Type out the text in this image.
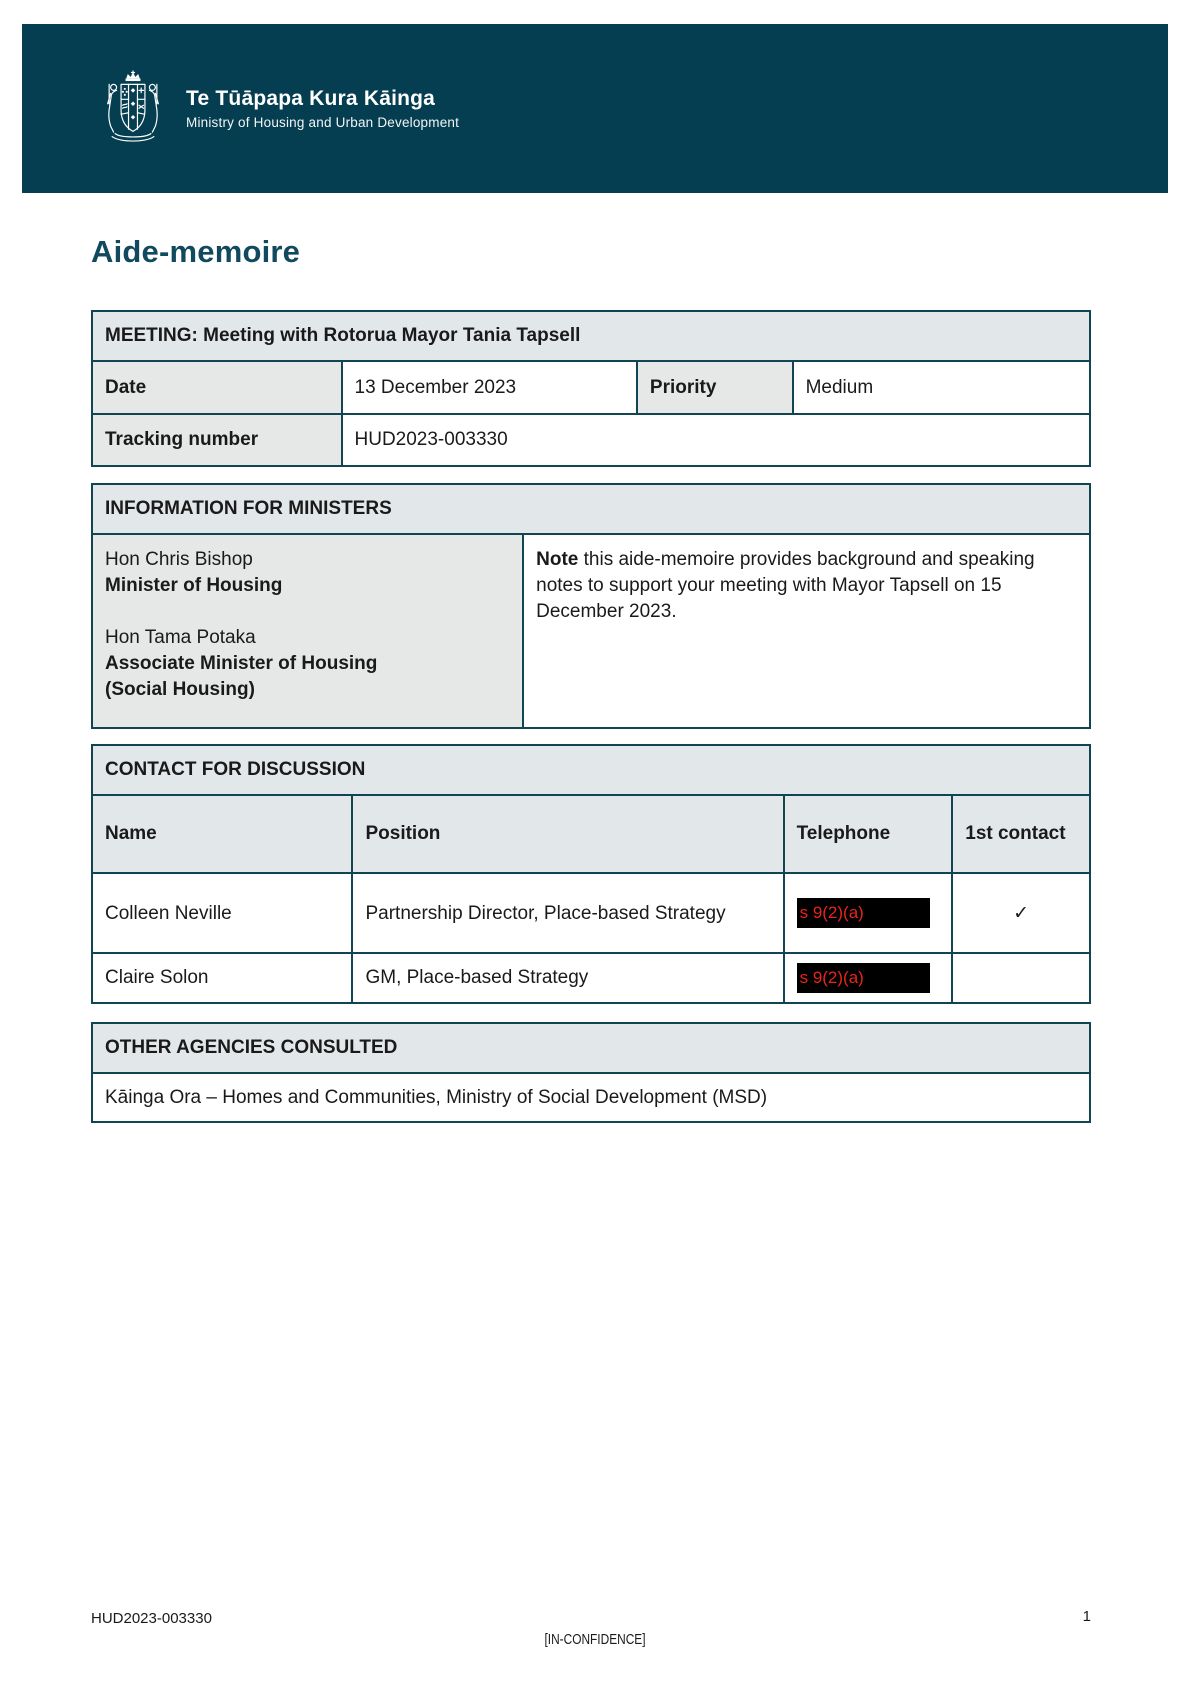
Te Tūāpapa Kura Kāinga
Ministry of Housing and Urban Development
Aide-memoire
MEETING: Meeting with Rotorua Mayor Tania Tapsell			
Date	13 December 2023	Priority	Medium
Tracking number	HUD2023-003330		
INFORMATION FOR MINISTERS

Hon Chris Bishop
Minister of Housing
Hon Tama Potaka
Associate Minister of Housing (Social Housing)

Note this aide-memoire provides background and speaking notes to support your meeting with Mayor Tapsell on 15 December 2023.

CONTACT FOR DISCUSSION			
Name	Position	Telephone	1st contact
Colleen Neville	Partnership Director, Place-based Strategy	s 9(2)(a)	✓
Claire Solon	GM, Place-based Strategy	s 9(2)(a)	
OTHER AGENCIES CONSULTED
Kāinga Ora – Homes and Communities, Ministry of Social Development (MSD)
HUD2023-003330
[IN-CONFIDENCE]
1
